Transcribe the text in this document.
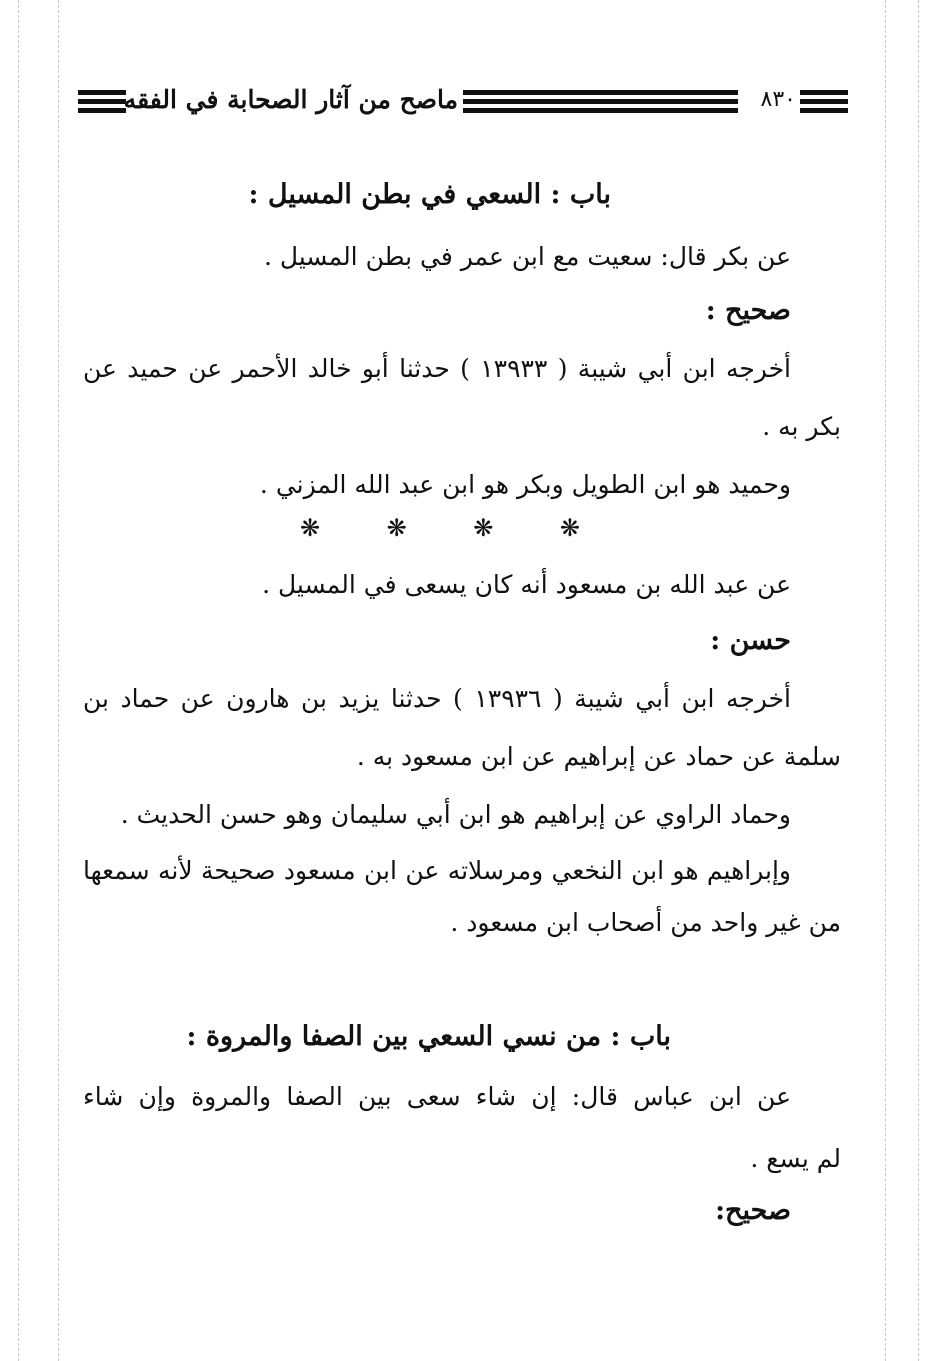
ماصح من آثار الصحابة في الفقه	٨٣٠
باب : السعي في بطن المسيل :
عن بكر قال: سعيت مع ابن عمر في بطن المسيل .
صحيح :
أخرجه ابن أبي شيبة ( ١٣٩٣٣ ) حدثنا أبو خالد الأحمر عن حميد عن
بكر به .
وحميد هو ابن الطويل وبكر هو ابن عبد الله المزني .
❋	❋	❋	❋
عن عبد الله بن مسعود أنه كان يسعى في المسيل .
حسن :
أخرجه ابن أبي شيبة ( ١٣٩٣٦ ) حدثنا يزيد بن هارون عن حماد بن
سلمة عن حماد عن إبراهيم عن ابن مسعود به .
وحماد الراوي عن إبراهيم هو ابن أبي سليمان وهو حسن الحديث .
وإبراهيم هو ابن النخعي ومرسلاته عن ابن مسعود صحيحة لأنه سمعها
من غير واحد من أصحاب ابن مسعود .
باب : من نسي السعي بين الصفا والمروة :
عن ابن عباس قال: إن شاء سعى بين الصفا والمروة وإن شاء
لم يسع .
صحيح:
